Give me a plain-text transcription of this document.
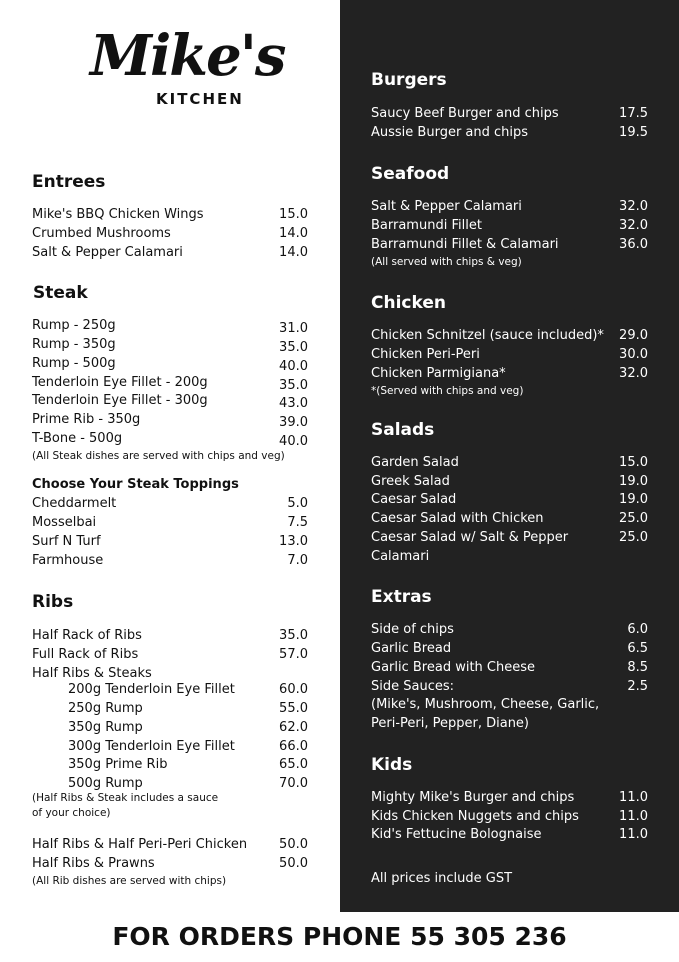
Mike's
KITCHEN
Entrees
Mike's BBQ Chicken Wings	15.0
Crumbed Mushrooms	14.0
Salt & Pepper Calamari	14.0
Steak
Rump - 250g	31.0
Rump - 350g	35.0
Rump - 500g	40.0
Tenderloin Eye Fillet - 200g	35.0
Tenderloin Eye Fillet - 300g	43.0
Prime Rib - 350g	39.0
T-Bone - 500g	40.0
(All Steak dishes are served with chips and veg)
Choose Your Steak Toppings
Cheddarmelt	5.0
Mosselbai	7.5
Surf N Turf	13.0
Farmhouse	7.0
Ribs
Half Rack of Ribs	35.0
Full Rack of Ribs	57.0
Half Ribs & Steaks
200g Tenderloin Eye Fillet	60.0
250g Rump	55.0
350g Rump	62.0
300g Tenderloin Eye Fillet	66.0
350g Prime Rib	65.0
500g Rump	70.0
(Half Ribs & Steak includes a sauce
of your choice)
Half Ribs & Half Peri-Peri Chicken 50.0
Half Ribs & Prawns	50.0
(All Rib dishes are served with chips)
Burgers
Saucy Beef Burger and chips	17.5
Aussie Burger and chips	19.5
Seafood
Salt & Pepper Calamari	32.0
Barramundi Fillet	32.0
Barramundi Fillet & Calamari	36.0
(All served with chips & veg)
Chicken
Chicken Schnitzel (sauce included)* 29.0
Chicken Peri-Peri	30.0
Chicken Parmigiana*	32.0
*(Served with chips and veg)
Salads
Garden Salad	15.0
Greek Salad	19.0
Caesar Salad	19.0
Caesar Salad with Chicken	25.0
Caesar Salad w/ Salt & Pepper	25.0
Calamari
Extras
Side of chips	6.0
Garlic Bread	6.5
Garlic Bread with Cheese	8.5
Side Sauces:	2.5
(Mike's, Mushroom, Cheese, Garlic,
Peri-Peri, Pepper, Diane)
Kids
Mighty Mike's Burger and chips	11.0
Kids Chicken Nuggets and chips	11.0
Kid's Fettucine Bolognaise	11.0
All prices include GST
FOR ORDERS PHONE 55 305 236
